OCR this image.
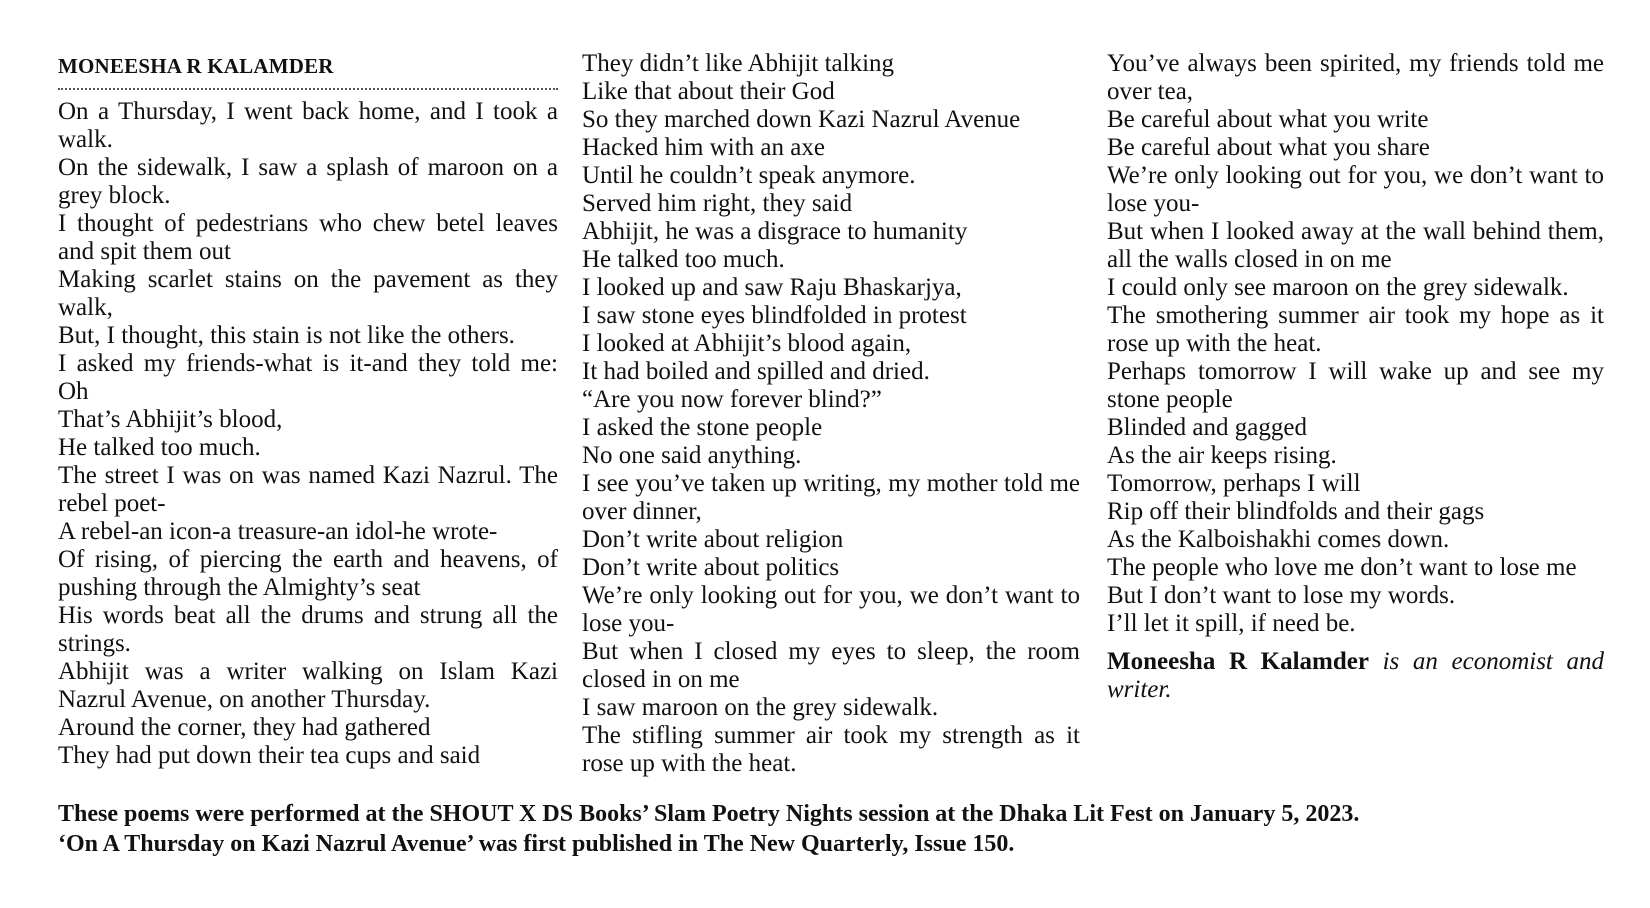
MONEESHA R KALAMDER
On a Thursday, I went back home, and I took a walk.
On the sidewalk, I saw a splash of maroon on a grey block.
I thought of pedestrians who chew betel leaves and spit them out
Making scarlet stains on the pavement as they walk,
But, I thought, this stain is not like the others.
I asked my friends-what is it-and they told me: Oh
That’s Abhijit’s blood,
He talked too much.
The street I was on was named Kazi Nazrul. The rebel poet-
A rebel-an icon-a treasure-an idol-he wrote-
Of rising, of piercing the earth and heavens, of pushing through the Almighty’s seat
His words beat all the drums and strung all the strings.
Abhijit was a writer walking on Islam Kazi Nazrul Avenue, on another Thursday.
Around the corner, they had gathered
They had put down their tea cups and said
They didn’t like Abhijit talking
Like that about their God
So they marched down Kazi Nazrul Avenue
Hacked him with an axe
Until he couldn’t speak anymore.
Served him right, they said
Abhijit, he was a disgrace to humanity
He talked too much.
I looked up and saw Raju Bhaskarjya,
I saw stone eyes blindfolded in protest
I looked at Abhijit’s blood again,
It had boiled and spilled and dried.
“Are you now forever blind?”
I asked the stone people
No one said anything.
I see you’ve taken up writing, my mother told me over dinner,
Don’t write about religion
Don’t write about politics
We’re only looking out for you, we don’t want to lose you-
But when I closed my eyes to sleep, the room closed in on me
I saw maroon on the grey sidewalk.
The stifling summer air took my strength as it rose up with the heat.
You’ve always been spirited, my friends told me over tea,
Be careful about what you write
Be careful about what you share
We’re only looking out for you, we don’t want to lose you-
But when I looked away at the wall behind them, all the walls closed in on me
I could only see maroon on the grey sidewalk.
The smothering summer air took my hope as it rose up with the heat.
Perhaps tomorrow I will wake up and see my stone people
Blinded and gagged
As the air keeps rising.
Tomorrow, perhaps I will
Rip off their blindfolds and their gags
As the Kalboishakhi comes down.
The people who love me don’t want to lose me
But I don’t want to lose my words.
I’ll let it spill, if need be.
Moneesha R Kalamder is an economist and writer.
These poems were performed at the SHOUT X DS Books’ Slam Poetry Nights session at the Dhaka Lit Fest on January 5, 2023.
‘On A Thursday on Kazi Nazrul Avenue’ was first published in The New Quarterly, Issue 150.
